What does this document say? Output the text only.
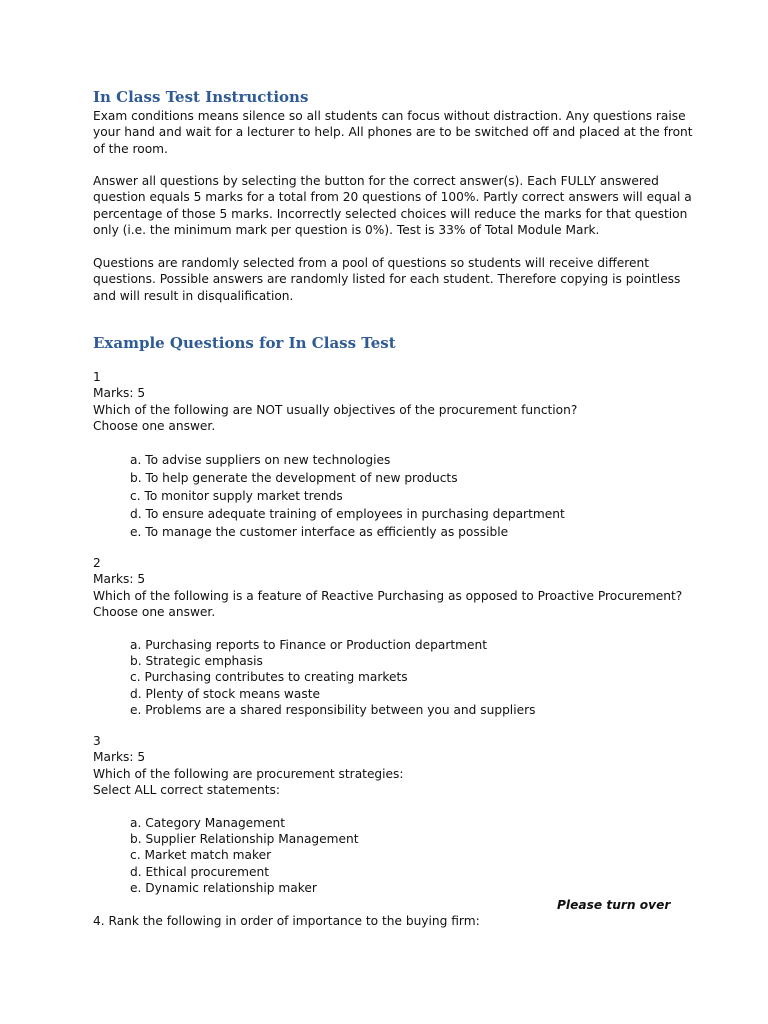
In Class Test Instructions
Exam conditions means silence so all students can focus without distraction. Any questions raise
your hand and wait for a lecturer to help. All phones are to be switched off and placed at the front
of the room.
Answer all questions by selecting the button for the correct answer(s). Each FULLY answered
question equals 5 marks for a total from 20 questions of 100%. Partly correct answers will equal a
percentage of those 5 marks. Incorrectly selected choices will reduce the marks for that question
only (i.e. the minimum mark per question is 0%). Test is 33% of Total Module Mark.
Questions are randomly selected from a pool of questions so students will receive different
questions. Possible answers are randomly listed for each student. Therefore copying is pointless
and will result in disqualification.
Example Questions for In Class Test
1
Marks: 5
Which of the following are NOT usually objectives of the procurement function?
Choose one answer.
a. To advise suppliers on new technologies
b. To help generate the development of new products
c. To monitor supply market trends
d. To ensure adequate training of employees in purchasing department
e. To manage the customer interface as efficiently as possible
2
Marks: 5
Which of the following is a feature of Reactive Purchasing as opposed to Proactive Procurement?
Choose one answer.
a. Purchasing reports to Finance or Production department
b. Strategic emphasis
c. Purchasing contributes to creating markets
d. Plenty of stock means waste
e. Problems are a shared responsibility between you and suppliers
3
Marks: 5
Which of the following are procurement strategies:
Select ALL correct statements:
a. Category Management
b. Supplier Relationship Management
c. Market match maker
d. Ethical procurement
e. Dynamic relationship maker
Please turn over
4. Rank the following in order of importance to the buying firm:
